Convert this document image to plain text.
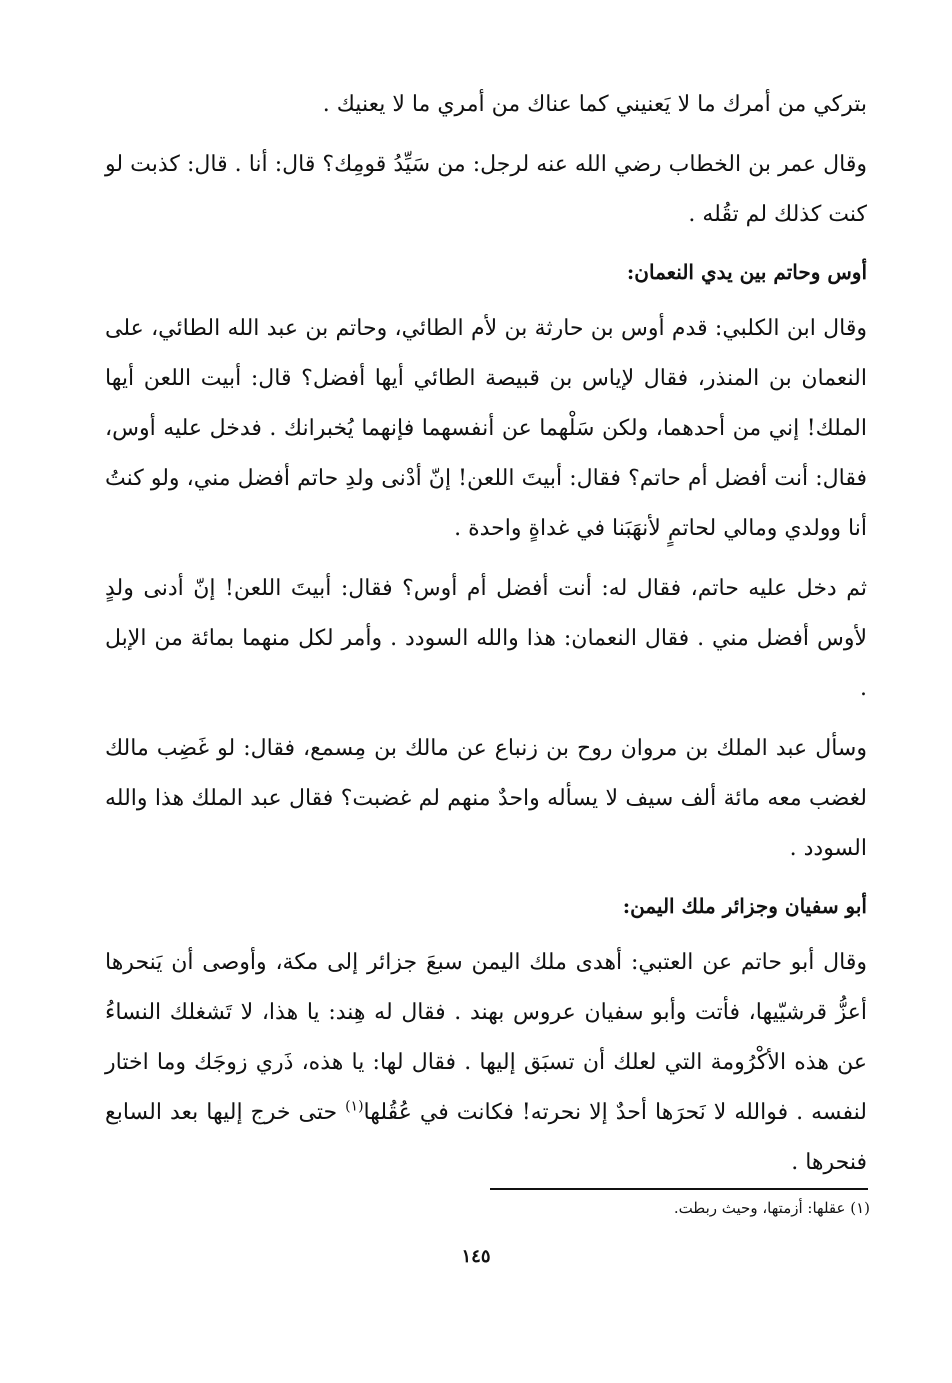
بتركي من أمرك ما لا يَعنيني كما عناك من أمري ما لا يعنيك .

وقال عمر بن الخطاب رضي الله عنه لرجل: من سَيِّدُ قومِك؟ قال: أنا . قال: كذبت لو كنت كذلك لم تقُله .

أوس وحاتم بين يدي النعمان:

وقال ابن الكلبي: قدم أوس بن حارثة بن لأم الطائي، وحاتم بن عبد الله الطائي، على النعمان بن المنذر، فقال لإياس بن قبيصة الطائي أيها أفضل؟ قال: أبيت اللعن أيها الملك! إني من أحدهما، ولكن سَلْهما عن أنفسهما فإنهما يُخبرانك . فدخل عليه أوس، فقال: أنت أفضل أم حاتم؟ فقال: أبيتَ اللعن! إنّ أدْنى ولدِ حاتم أفضل مني، ولو كنتُ أنا وولدي ومالي لحاتمٍ لأنهَبَنا في غداةٍ واحدة .

ثم دخل عليه حاتم، فقال له: أنت أفضل أم أوس؟ فقال: أبيتَ اللعن! إنّ أدنى ولدٍ لأوس أفضل مني . فقال النعمان: هذا والله السودد . وأمر لكل منهما بمائة من الإبل .

وسأل عبد الملك بن مروان روح بن زنباع عن مالك بن مِسمع، فقال: لو غَضِب مالك لغضب معه مائة ألف سيف لا يسأله واحدٌ منهم لم غضبت؟ فقال عبد الملك هذا والله السودد .

أبو سفيان وجزائر ملك اليمن:

وقال أبو حاتم عن العتبي: أهدى ملك اليمن سبعَ جزائر إلى مكة، وأوصى أن يَنحرها أعزُّ قرشيّيها، فأتت وأبو سفيان عروس بهند . فقال له هِند: يا هذا، لا تَشغلك النساءُ عن هذه الأكْرُومة التي لعلك أن تسبَق إليها . فقال لها: يا هذه، ذَري زوجَك وما اختار لنفسه . فوالله لا نَحرَها أحدٌ إلا نحرته! فكانت في عُقُلها$^{(١)}$ حتى خرج إليها بعد السابع فنحرها .

(١) عقلها: أزمتها، وحيث ربطت.
١٤٥
